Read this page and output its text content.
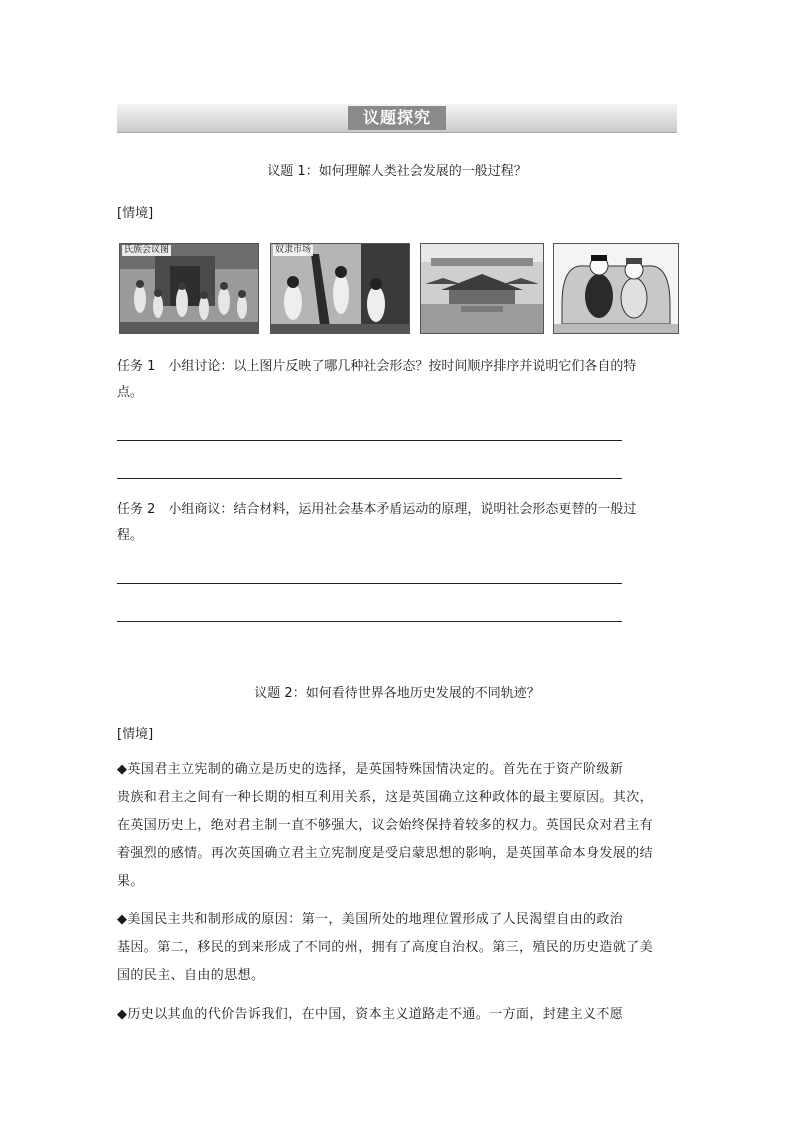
议题探究
议题 1：如何理解人类社会发展的一般过程？
[情境]
氏族会议图	奴隶市场
任务 1　小组讨论：以上图片反映了哪几种社会形态？按时间顺序排序并说明它们各自的特
点。
任务 2　小组商议：结合材料，运用社会基本矛盾运动的原理，说明社会形态更替的一般过
程。
议题 2：如何看待世界各地历史发展的不同轨迹？
[情境]
◆英国君主立宪制的确立是历史的选择，是英国特殊国情决定的。首先在于资产阶级新
贵族和君主之间有一种长期的相互利用关系，这是英国确立这种政体的最主要原因。其次，
在英国历史上，绝对君主制一直不够强大，议会始终保持着较多的权力。英国民众对君主有
着强烈的感情。再次英国确立君主立宪制度是受启蒙思想的影响，是英国革命本身发展的结
果。
◆美国民主共和制形成的原因：第一，美国所处的地理位置形成了人民渴望自由的政治
基因。第二，移民的到来形成了不同的州，拥有了高度自治权。第三，殖民的历史造就了美
国的民主、自由的思想。
◆历史以其血的代价告诉我们，在中国，资本主义道路走不通。一方面，封建主义不愿
